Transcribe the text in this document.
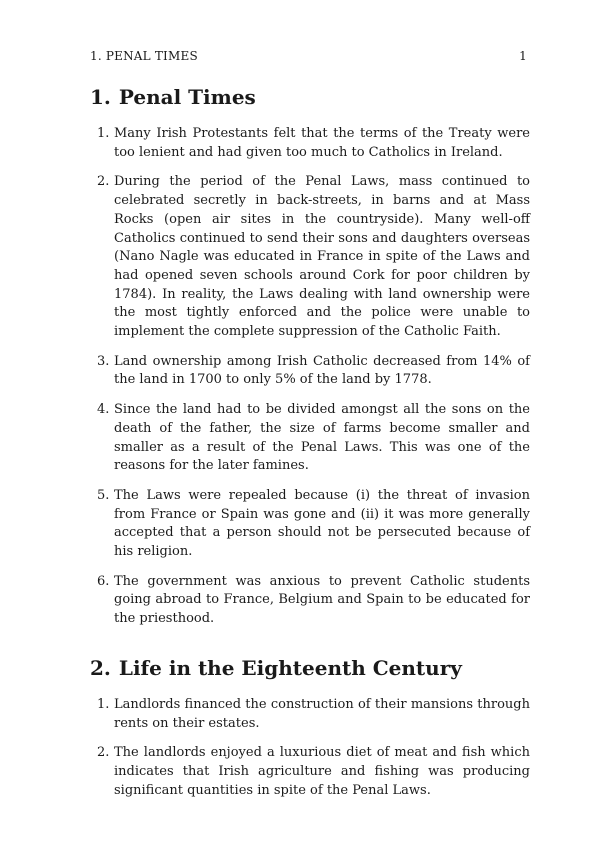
1. PENAL TIMES	1
1. Penal Times
1. Many Irish Protestants felt that the terms of the Treaty were too lenient and had given too much to Catholics in Ireland.
2. During the period of the Penal Laws, mass continued to celebrated secretly in back-streets, in barns and at Mass Rocks (open air sites in the countryside). Many well-off Catholics continued to send their sons and daughters overseas (Nano Nagle was educated in France in spite of the Laws and had opened seven schools around Cork for poor children by 1784). In reality, the Laws dealing with land ownership were the most tightly enforced and the police were unable to implement the complete suppression of the Catholic Faith.
3. Land ownership among Irish Catholic decreased from 14% of the land in 1700 to only 5% of the land by 1778.
4. Since the land had to be divided amongst all the sons on the death of the father, the size of farms become smaller and smaller as a result of the Penal Laws. This was one of the reasons for the later famines.
5. The Laws were repealed because (i) the threat of invasion from France or Spain was gone and (ii) it was more generally accepted that a person should not be persecuted because of his religion.
6. The government was anxious to prevent Catholic students going abroad to France, Belgium and Spain to be educated for the priesthood.
2. Life in the Eighteenth Century
1. Landlords financed the construction of their mansions through rents on their estates.
2. The landlords enjoyed a luxurious diet of meat and fish which indicates that Irish agriculture and fishing was producing significant quantities in spite of the Penal Laws.
